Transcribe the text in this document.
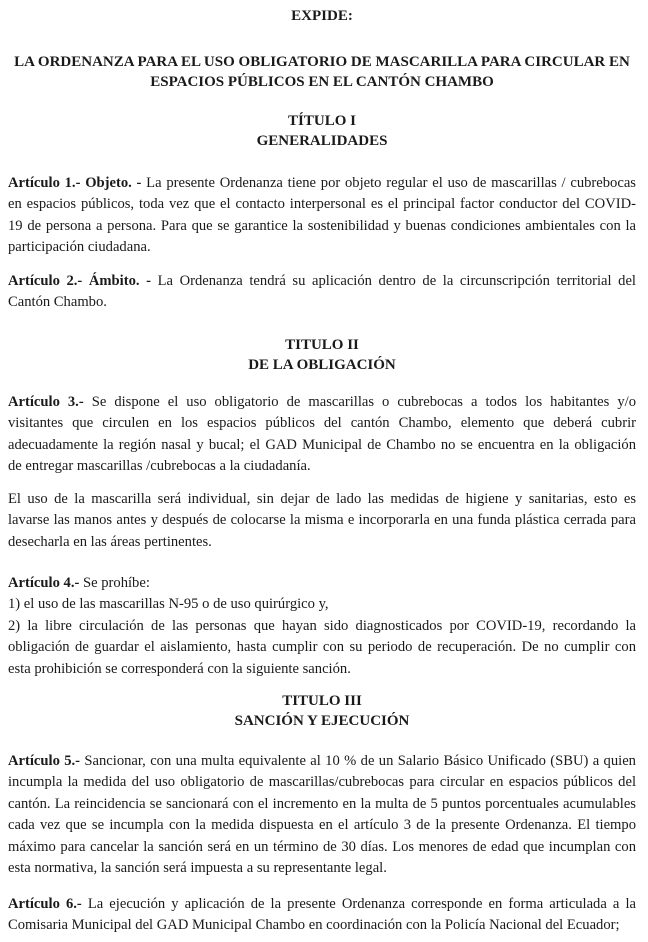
EXPIDE:
LA ORDENANZA PARA EL USO OBLIGATORIO DE MASCARILLA PARA CIRCULAR EN
ESPACIOS PÚBLICOS EN EL CANTÓN CHAMBO
TÍTULO I
GENERALIDADES
Artículo 1.- Objeto. - La presente Ordenanza tiene por objeto regular el uso de mascarillas / cubrebocas
en espacios públicos, toda vez que el contacto interpersonal es el principal factor conductor del COVID-
19 de persona a persona. Para que se garantice la sostenibilidad y buenas condiciones ambientales con la
participación ciudadana.
Artículo 2.- Ámbito. - La Ordenanza tendrá su aplicación dentro de la circunscripción territorial del
Cantón Chambo.
TITULO II
DE LA OBLIGACIÓN
Artículo 3.- Se dispone el uso obligatorio de mascarillas o cubrebocas a todos los habitantes y/o
visitantes que circulen en los espacios públicos del cantón Chambo, elemento que deberá cubrir
adecuadamente la región nasal y bucal; el GAD Municipal de Chambo no se encuentra en la obligación
de entregar mascarillas /cubrebocas a la ciudadanía.
El uso de la mascarilla será individual, sin dejar de lado las medidas de higiene y sanitarias, esto es
lavarse las manos antes y después de colocarse la misma e incorporarla en una funda plástica cerrada para
desecharla en las áreas pertinentes.
Artículo 4.- Se prohíbe:
1) el uso de las mascarillas N-95 o de uso quirúrgico y,
2) la libre circulación de las personas que hayan sido diagnosticados por COVID-19, recordando la
obligación de guardar el aislamiento, hasta cumplir con su periodo de recuperación. De no cumplir con
esta prohibición se corresponderá con la siguiente sanción.
TITULO III
SANCIÓN Y EJECUCIÓN
Artículo 5.- Sancionar, con una multa equivalente al 10 % de un Salario Básico Unificado (SBU) a quien
incumpla la medida del uso obligatorio de mascarillas/cubrebocas para circular en espacios públicos del
cantón. La reincidencia se sancionará con el incremento en la multa de 5 puntos porcentuales acumulables
cada vez que se incumpla con la medida dispuesta en el artículo 3 de la presente Ordenanza. El tiempo
máximo para cancelar la sanción será en un término de 30 días. Los menores de edad que incumplan con
esta normativa, la sanción será impuesta a su representante legal.
Artículo 6.- La ejecución y aplicación de la presente Ordenanza corresponde en forma articulada a la
Comisaria Municipal del GAD Municipal Chambo en coordinación con la Policía Nacional del Ecuador;
